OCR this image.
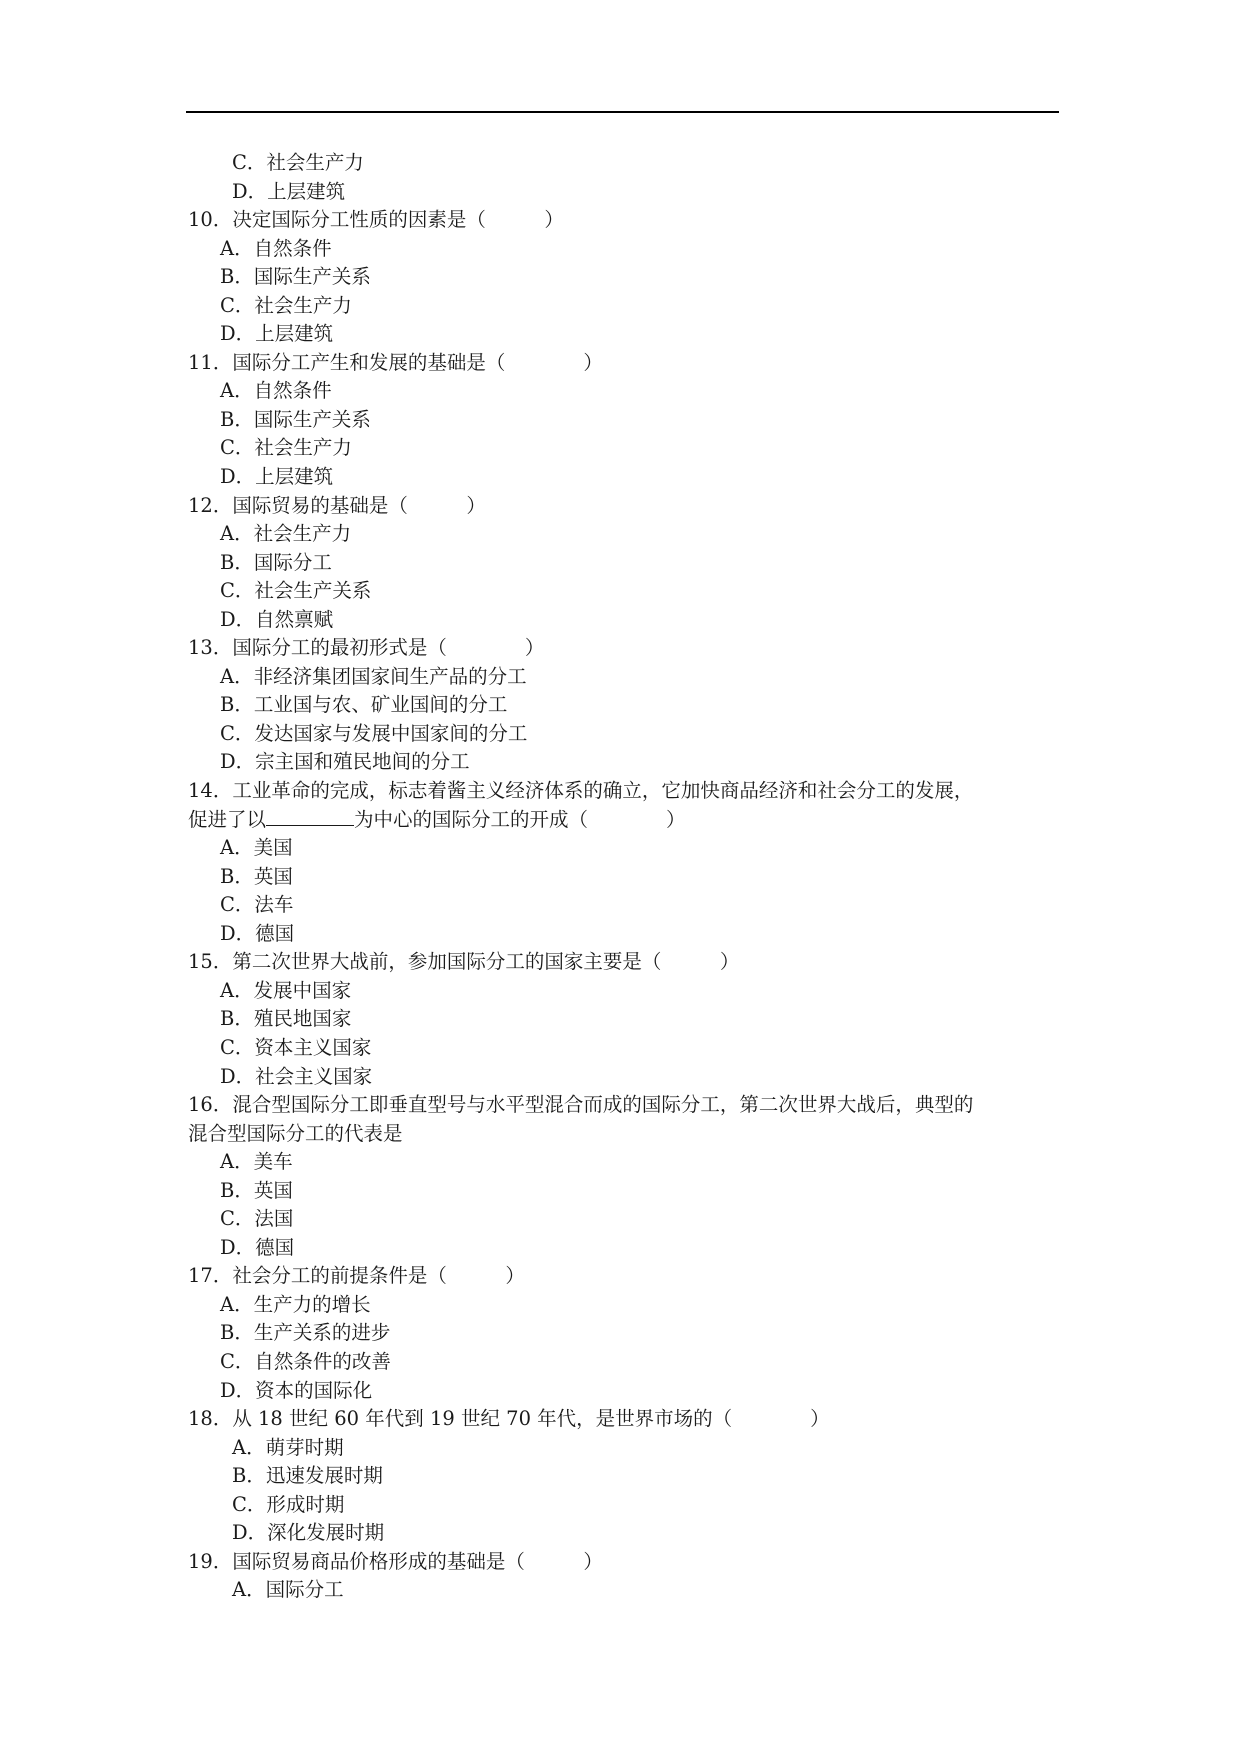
C．社会生产力
D．上层建筑
10．决定国际分工性质的因素是（　　　）
A．自然条件
B．国际生产关系
C．社会生产力
D．上层建筑
11．国际分工产生和发展的基础是（　　　　）
A．自然条件
B．国际生产关系
C．社会生产力
D．上层建筑
12．国际贸易的基础是（　　　）
A．社会生产力
B．国际分工
C．社会生产关系
D．自然禀赋
13．国际分工的最初形式是（　　　　）
A．非经济集团国家间生产品的分工
B．工业国与农、矿业国间的分工
C．发达国家与发展中国家间的分工
D．宗主国和殖民地间的分工
14．工业革命的完成，标志着酱主义经济体系的确立，它加快商品经济和社会分工的发展，
促进了以	为中心的国际分工的开成（　　　　）
A．美国
B．英国
C．法车
D．德国
15．第二次世界大战前，参加国际分工的国家主要是（　　　）
A．发展中国家
B．殖民地国家
C．资本主义国家
D．社会主义国家
16．混合型国际分工即垂直型号与水平型混合而成的国际分工，第二次世界大战后，典型的
混合型国际分工的代表是
A．美车
B．英国
C．法国
D．德国
17．社会分工的前提条件是（　　　）
A．生产力的增长
B．生产关系的进步
C．自然条件的改善
D．资本的国际化
18．从 18 世纪 60 年代到 19 世纪 70 年代，是世界市场的（　　　　）
A．萌芽时期
B．迅速发展时期
C．形成时期
D．深化发展时期
19．国际贸易商品价格形成的基础是（　　　）
A．国际分工
